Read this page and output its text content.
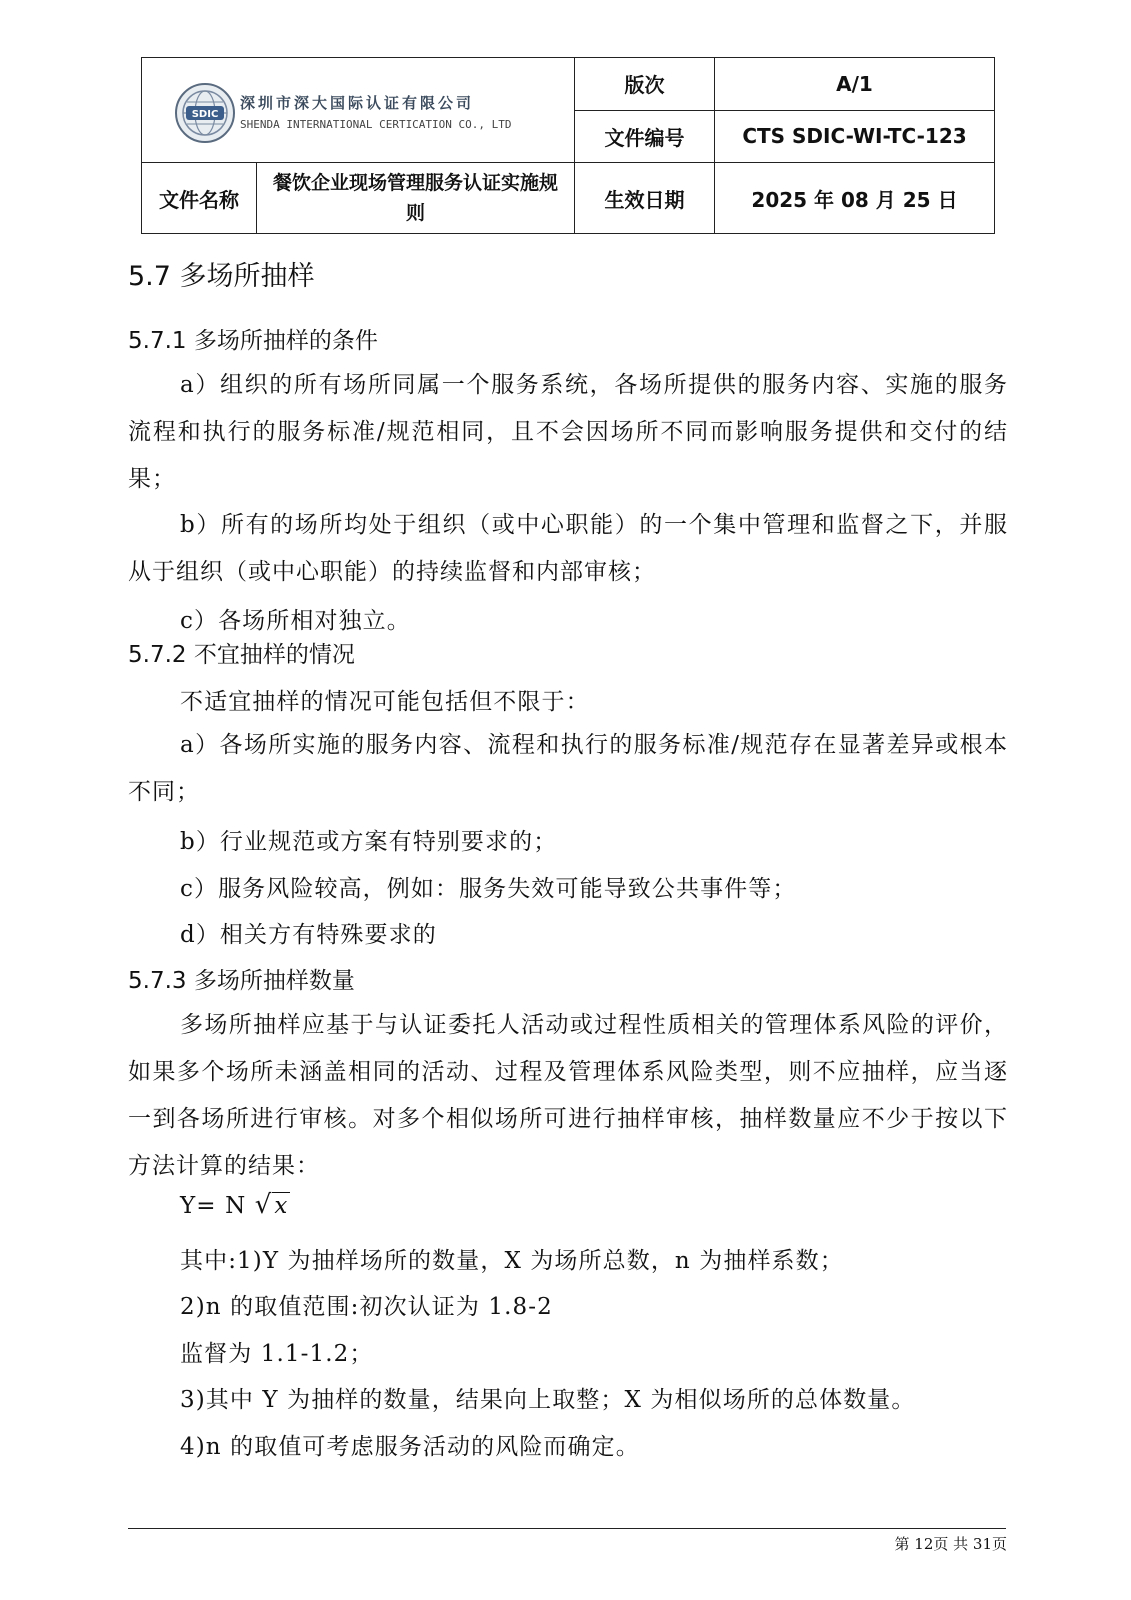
SDIC
深圳市深大国际认证有限公司
SHENDA INTERNATIONAL CERTICATION CO., LTD		版次	A/1
		文件编号	CTS SDIC-WI-TC-123
文件名称	餐饮企业现场管理服务认证实施规则	生效日期	2025 年 08 月 25 日
5.7 多场所抽样
5.7.1 多场所抽样的条件
a）组织的所有场所同属一个服务系统，各场所提供的服务内容、实施的服务流程和执行的服务标准/规范相同，且不会因场所不同而影响服务提供和交付的结果；
b）所有的场所均处于组织（或中心职能）的一个集中管理和监督之下，并服从于组织（或中心职能）的持续监督和内部审核；
c）各场所相对独立。
5.7.2 不宜抽样的情况
不适宜抽样的情况可能包括但不限于：
a）各场所实施的服务内容、流程和执行的服务标准/规范存在显著差异或根本不同；
b）行业规范或方案有特别要求的；
c）服务风险较高，例如：服务失效可能导致公共事件等；
d）相关方有特殊要求的
5.7.3 多场所抽样数量
多场所抽样应基于与认证委托人活动或过程性质相关的管理体系风险的评价，如果多个场所未涵盖相同的活动、过程及管理体系风险类型，则不应抽样，应当逐一到各场所进行审核。对多个相似场所可进行抽样审核，抽样数量应不少于按以下方法计算的结果：
Y= N √x
其中:1)Y 为抽样场所的数量，X 为场所总数，n 为抽样系数；
2)n 的取值范围:初次认证为 1.8-2
监督为 1.1-1.2；
3)其中 Y 为抽样的数量，结果向上取整；X 为相似场所的总体数量。
4)n 的取值可考虑服务活动的风险而确定。
第 12页 共 31页
